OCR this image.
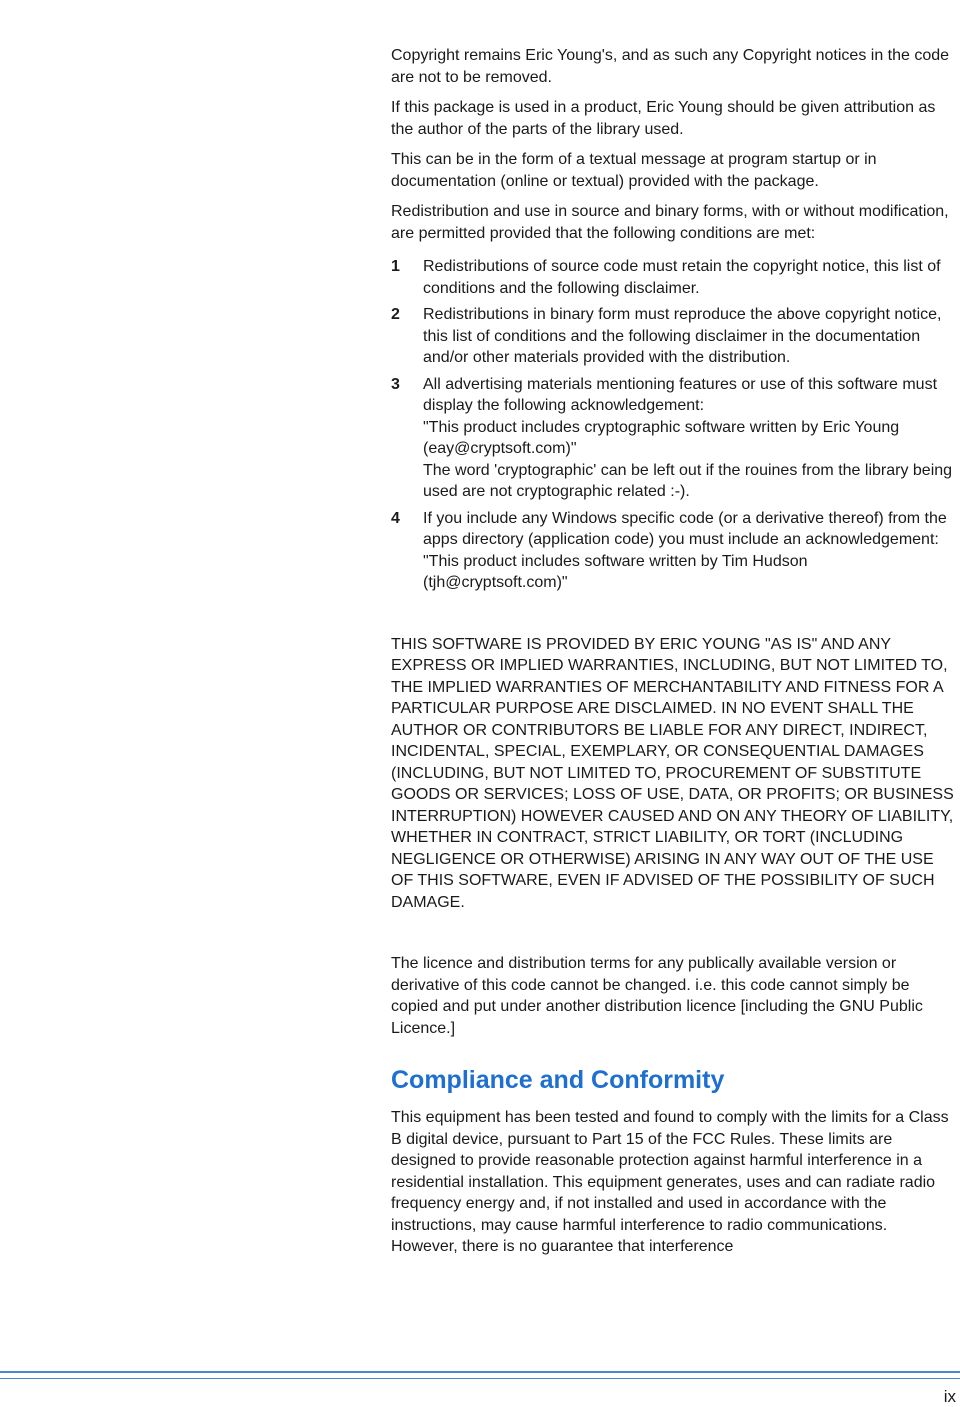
Copyright remains Eric Young's, and as such any Copyright notices in the code are not to be removed.

If this package is used in a product, Eric Young should be given attribution as the author of the parts of the library used.

This can be in the form of a textual message at program startup or in documentation (online or textual) provided with the package.

Redistribution and use in source and binary forms, with or without modification, are permitted provided that the following conditions are met:

1 Redistributions of source code must retain the copyright notice, this list of conditions and the following disclaimer.
2 Redistributions in binary form must reproduce the above copyright notice, this list of conditions and the following disclaimer in the documentation and/or other materials provided with the distribution.
3 All advertising materials mentioning features or use of this software must display the following acknowledgement:
"This product includes cryptographic software written by Eric Young (eay@cryptsoft.com)"
The word 'cryptographic' can be left out if the rouines from the library being used are not cryptographic related :-).
4 If you include any Windows specific code (or a derivative thereof) from the apps directory (application code) you must include an acknowledgement:
"This product includes software written by Tim Hudson (tjh@cryptsoft.com)"

THIS SOFTWARE IS PROVIDED BY ERIC YOUNG "AS IS" AND ANY EXPRESS OR IMPLIED WARRANTIES, INCLUDING, BUT NOT LIMITED TO, THE IMPLIED WARRANTIES OF MERCHANTABILITY AND FITNESS FOR A PARTICULAR PURPOSE ARE DISCLAIMED. IN NO EVENT SHALL THE AUTHOR OR CONTRIBUTORS BE LIABLE FOR ANY DIRECT, INDIRECT, INCIDENTAL, SPECIAL, EXEMPLARY, OR CONSEQUENTIAL DAMAGES (INCLUDING, BUT NOT LIMITED TO, PROCUREMENT OF SUBSTITUTE GOODS OR SERVICES; LOSS OF USE, DATA, OR PROFITS; OR BUSINESS INTERRUPTION) HOWEVER CAUSED AND ON ANY THEORY OF LIABILITY, WHETHER IN CONTRACT, STRICT LIABILITY, OR TORT (INCLUDING NEGLIGENCE OR OTHERWISE) ARISING IN ANY WAY OUT OF THE USE OF THIS SOFTWARE, EVEN IF ADVISED OF THE POSSIBILITY OF SUCH DAMAGE.

The licence and distribution terms for any publically available version or derivative of this code cannot be changed. i.e. this code cannot simply be copied and put under another distribution licence [including the GNU Public Licence.]

Compliance and Conformity

This equipment has been tested and found to comply with the limits for a Class B digital device, pursuant to Part 15 of the FCC Rules. These limits are designed to provide reasonable protection against harmful interference in a residential installation. This equipment generates, uses and can radiate radio frequency energy and, if not installed and used in accordance with the instructions, may cause harmful interference to radio communications. However, there is no guarantee that interference

ix
